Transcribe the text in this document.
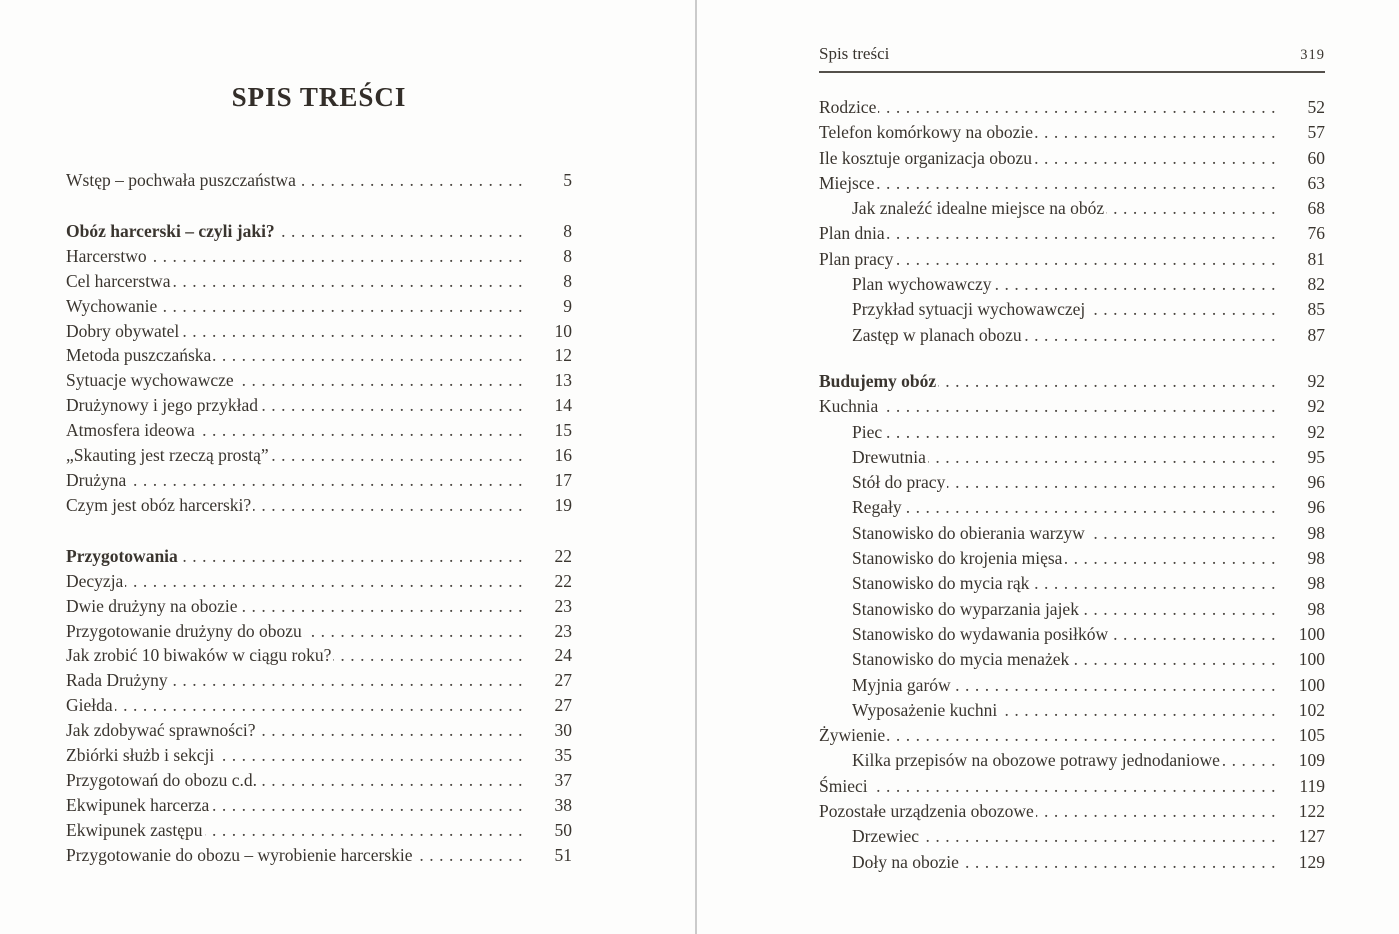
SPIS TREŚCI
Wstęp – pochwała puszczaństwa .....	5
Obóz harcerski – czyli jaki? .....	8
Harcerstwo .....	8
Cel harcerstwa .....	8
Wychowanie .....	9
Dobry obywatel .....	10
Metoda puszczańska .....	12
Sytuacje wychowawcze .....	13
Drużynowy i jego przykład .....	14
Atmosfera ideowa .....	15
„Skauting jest rzeczą prostą” .....	16
Drużyna .....	17
Czym jest obóz harcerski? .....	19
Przygotowania .....	22
Decyzja .....	22
Dwie drużyny na obozie .....	23
Przygotowanie drużyny do obozu .....	23
Jak zrobić 10 biwaków w ciągu roku? .....	24
Rada Drużyny .....	27
Giełda .....	27
Jak zdobywać sprawności? .....	30
Zbiórki służb i sekcji .....	35
Przygotowań do obozu c.d. .....	37
Ekwipunek harcerza .....	38
Ekwipunek zastępu .....	50
Przygotowanie do obozu – wyrobienie harcerskie .....	51
Spis treści	319
Rodzice .....	52
Telefon komórkowy na obozie .....	57
Ile kosztuje organizacja obozu .....	60
Miejsce .....	63
Jak znaleźć idealne miejsce na obóz .....	68
Plan dnia .....	76
Plan pracy .....	81
Plan wychowawczy .....	82
Przykład sytuacji wychowawczej .....	85
Zastęp w planach obozu .....	87
Budujemy obóz .....	92
Kuchnia .....	92
Piec .....	92
Drewutnia .....	95
Stół do pracy .....	96
Regały .....	96
Stanowisko do obierania warzyw .....	98
Stanowisko do krojenia mięsa .....	98
Stanowisko do mycia rąk .....	98
Stanowisko do wyparzania jajek .....	98
Stanowisko do wydawania posiłków .....	100
Stanowisko do mycia menażek .....	100
Myjnia garów .....	100
Wyposażenie kuchni .....	102
Żywienie .....	105
Kilka przepisów na obozowe potrawy jednodaniowe .....	109
Śmieci .....	119
Pozostałe urządzenia obozowe .....	122
Drzewiec .....	127
Doły na obozie .....	129
